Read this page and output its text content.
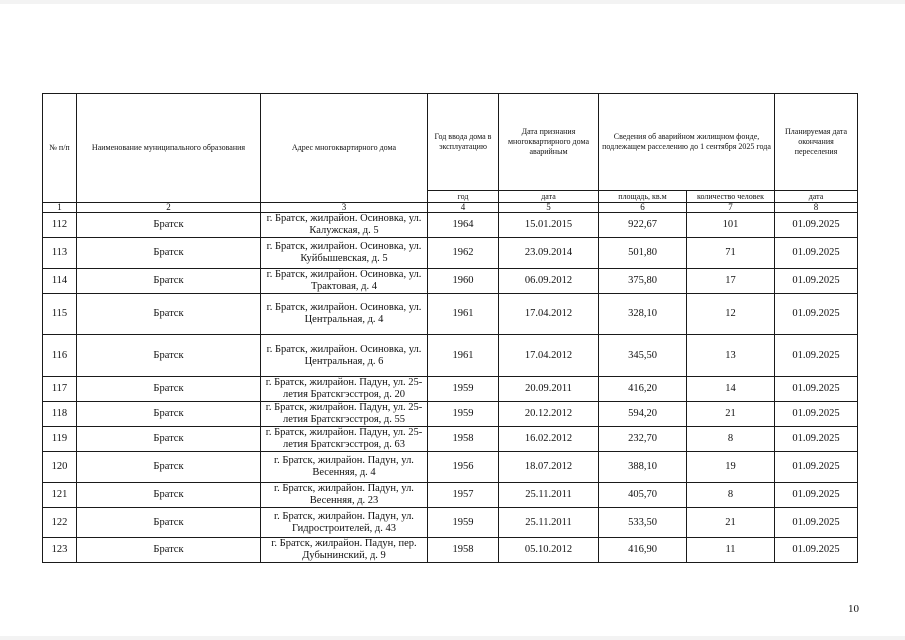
№ п/п	Наименование муниципального образования	Адрес многоквартирного дома	Год ввода дома в эксплуатацию	Дата признания многоквартирного дома аварийным	Сведения об аварийном жилищном фонде, подлежащем расселению до 1 сентября 2025 года		Планируемая дата окончания переселения
			год	дата	площадь, кв.м	количество человек	дата
1	2	3	4	5	6	7	8
112	Братск	г. Братск, жилрайон. Осиновка, ул. Калужская, д. 5	1964	15.01.2015	922,67	101	01.09.2025
113	Братск	г. Братск, жилрайон. Осиновка, ул. Куйбышевская, д. 5	1962	23.09.2014	501,80	71	01.09.2025
114	Братск	г. Братск, жилрайон. Осиновка, ул. Трактовая, д. 4	1960	06.09.2012	375,80	17	01.09.2025
115	Братск	г. Братск, жилрайон. Осиновка, ул. Центральная, д. 4	1961	17.04.2012	328,10	12	01.09.2025
116	Братск	г. Братск, жилрайон. Осиновка, ул. Центральная, д. 6	1961	17.04.2012	345,50	13	01.09.2025
117	Братск	г. Братск, жилрайон. Падун, ул. 25-летия Братскгэсстроя, д. 20	1959	20.09.2011	416,20	14	01.09.2025
118	Братск	г. Братск, жилрайон. Падун, ул. 25-летия Братскгэсстроя, д. 55	1959	20.12.2012	594,20	21	01.09.2025
119	Братск	г. Братск, жилрайон. Падун, ул. 25-летия Братскгэсстроя, д. 63	1958	16.02.2012	232,70	8	01.09.2025
120	Братск	г. Братск, жилрайон. Падун, ул. Весенняя, д. 4	1956	18.07.2012	388,10	19	01.09.2025
121	Братск	г. Братск, жилрайон. Падун, ул. Весенняя, д. 23	1957	25.11.2011	405,70	8	01.09.2025
122	Братск	г. Братск, жилрайон. Падун, ул. Гидростроителей, д. 43	1959	25.11.2011	533,50	21	01.09.2025
123	Братск	г. Братск, жилрайон. Падун, пер. Дубынинский, д. 9	1958	05.10.2012	416,90	11	01.09.2025
10
